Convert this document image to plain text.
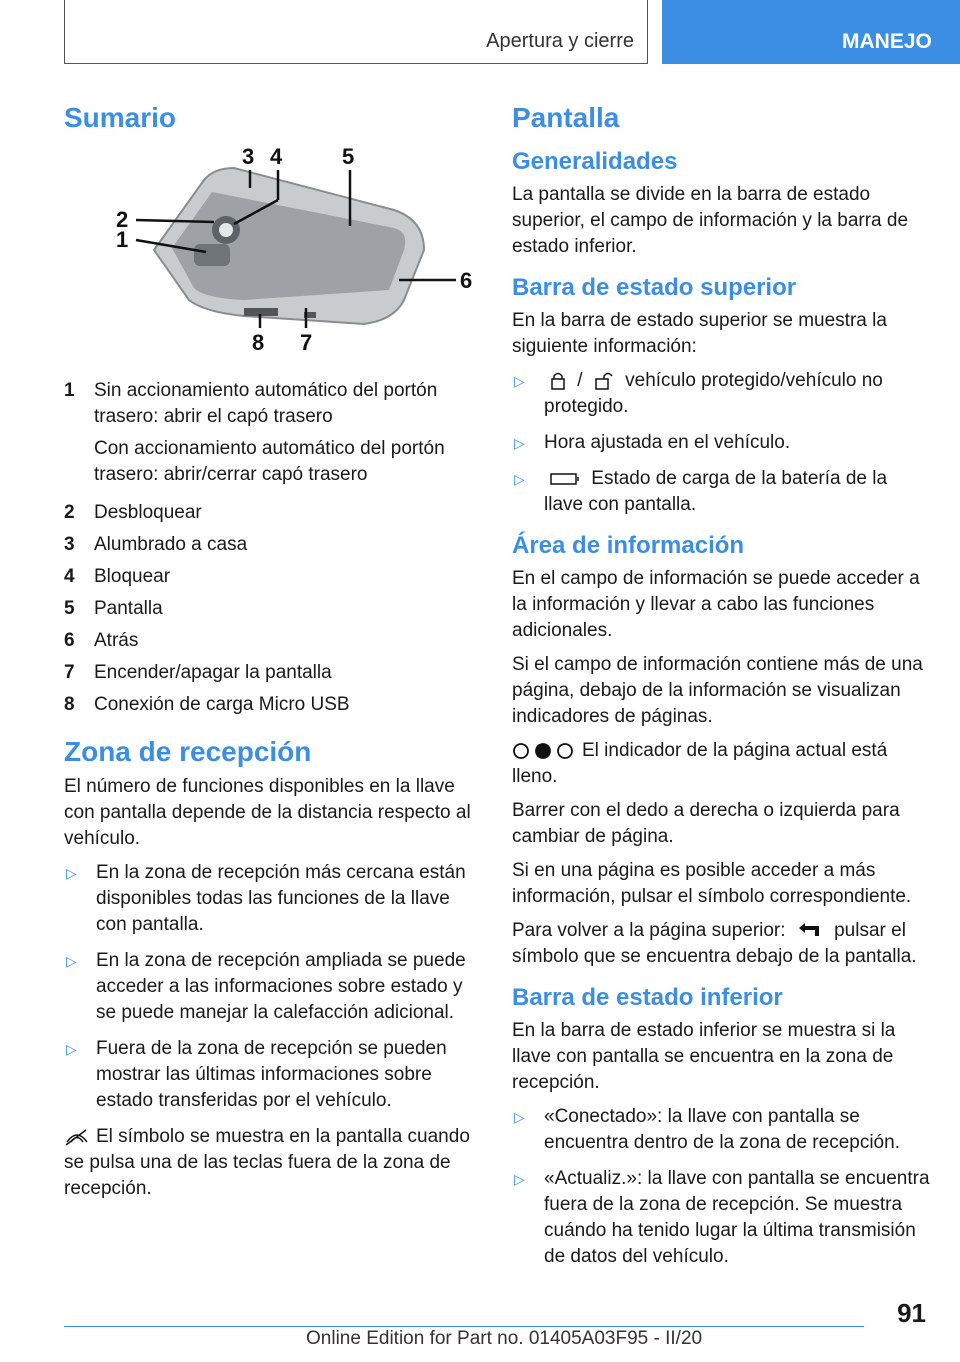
Apertura y cierre	MANEJO
Sumario
1
2
3 4	5
6
7
8
1	Sin accionamiento automático del portón trasero: abrir el capó trasero

Con accionamiento automático del portón trasero: abrir/cerrar capó trasero

2	Desbloquear
3	Alumbrado a casa
4	Bloquear
5	Pantalla
6	Atrás
7	Encender/apagar la pantalla
8	Conexión de carga Micro USB
Zona de recepción

El número de funciones disponibles en la llave con pantalla depende de la distancia respecto al vehículo.

▷	En la zona de recepción más cercana están disponibles todas las funciones de la llave con pantalla.
▷	En la zona de recepción ampliada se puede acceder a las informaciones sobre estado y se puede manejar la calefacción adicional.
▷	Fuera de la zona de recepción se pueden mostrar las últimas informaciones sobre estado transferidas por el vehículo.

El símbolo se muestra en la pantalla cuando se pulsa una de las teclas fuera de la zona de recepción.

Pantalla
Generalidades

La pantalla se divide en la barra de estado superior, el campo de información y la barra de estado inferior.

Barra de estado superior

En la barra de estado superior se muestra la siguiente información:

▷	/ vehículo protegido/vehículo no protegido.
▷	Hora ajustada en el vehículo.
▷	Estado de carga de la batería de la llave con pantalla.
Área de información

En el campo de información se puede acceder a la información y llevar a cabo las funciones adicionales.

Si el campo de información contiene más de una página, debajo de la información se visualizan indicadores de páginas.

El indicador de la página actual está lleno.

Barrer con el dedo a derecha o izquierda para cambiar de página.

Si en una página es posible acceder a más información, pulsar el símbolo correspondiente.

Para volver a la página superior:	pulsar el símbolo que se encuentra debajo de la pantalla.

Barra de estado inferior

En la barra de estado inferior se muestra si la llave con pantalla se encuentra en la zona de recepción.

▷	«Conectado»: la llave con pantalla se encuentra dentro de la zona de recepción.
▷	«Actualiz.»: la llave con pantalla se encuentra fuera de la zona de recepción. Se muestra cuándo ha tenido lugar la última transmisión de datos del vehículo.
91
Online Edition for Part no. 01405A03F95 - II/20
